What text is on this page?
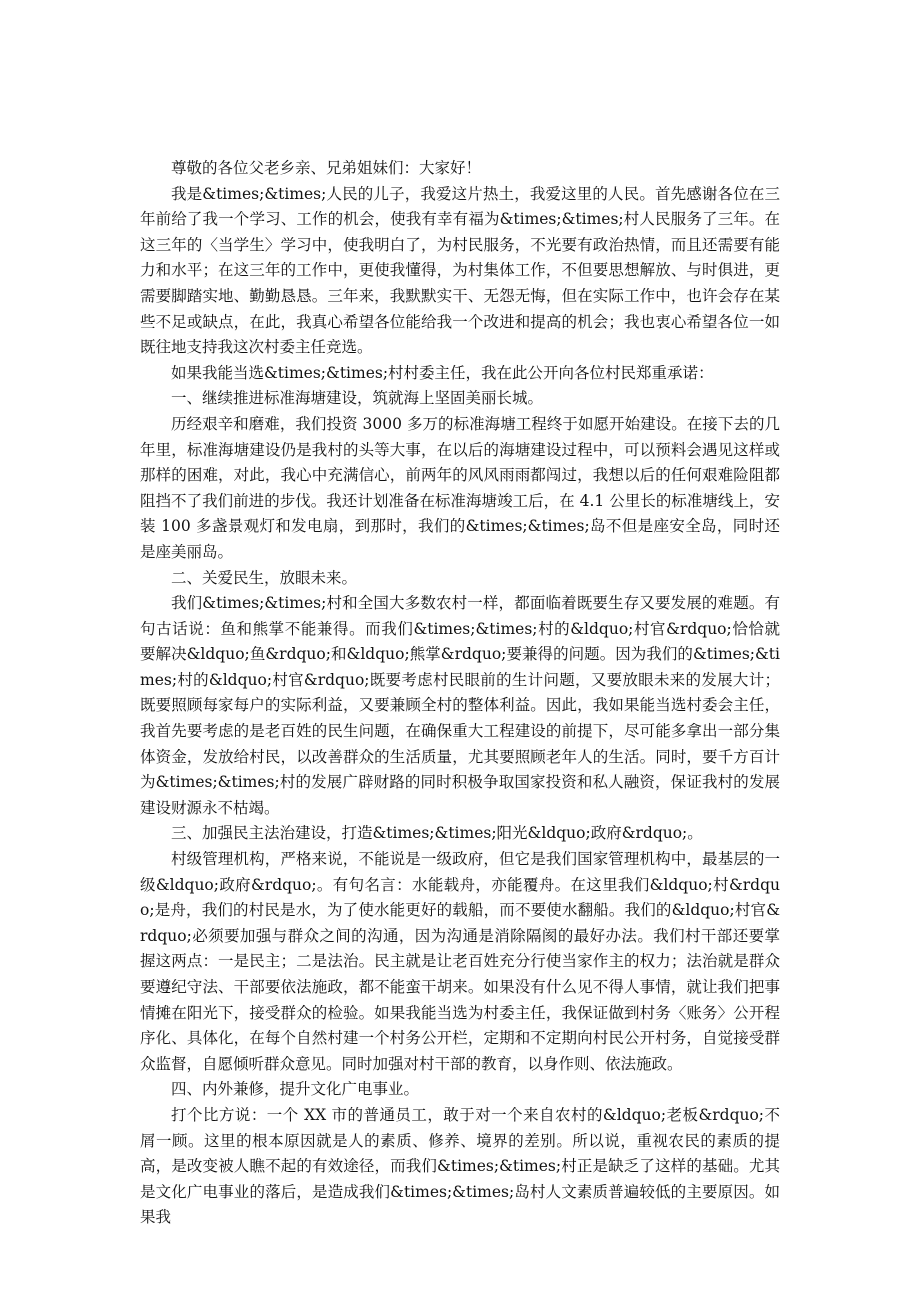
尊敬的各位父老乡亲、兄弟姐妹们：大家好！

我是&times;&times;人民的儿子，我爱这片热土，我爱这里的人民。首先感谢各位在三年前给了我一个学习、工作的机会，使我有幸有福为&times;&times;村人民服务了三年。在这三年的〈当学生〉学习中，使我明白了，为村民服务，不光要有政治热情，而且还需要有能力和水平；在这三年的工作中，更使我懂得，为村集体工作，不但要思想解放、与时俱进，更需要脚踏实地、勤勤恳恳。三年来，我默默实干、无怨无悔，但在实际工作中，也许会存在某些不足或缺点，在此，我真心希望各位能给我一个改进和提高的机会；我也衷心希望各位一如既往地支持我这次村委主任竞选。

如果我能当选&times;&times;村村委主任，我在此公开向各位村民郑重承诺：

一、继续推进标准海塘建设，筑就海上坚固美丽长城。

历经艰辛和磨难，我们投资 3000 多万的标准海塘工程终于如愿开始建设。在接下去的几年里，标准海塘建设仍是我村的头等大事，在以后的海塘建设过程中，可以预料会遇见这样或那样的困难，对此，我心中充满信心，前两年的风风雨雨都闯过，我想以后的任何艰难险阻都阻挡不了我们前进的步伐。我还计划准备在标准海塘竣工后，在 4.1 公里长的标准塘线上，安装 100 多盏景观灯和发电扇，到那时，我们的&times;&times;岛不但是座安全岛，同时还是座美丽岛。

二、关爱民生，放眼未来。

我们&times;&times;村和全国大多数农村一样，都面临着既要生存又要发展的难题。有句古话说：鱼和熊掌不能兼得。而我们&times;&times;村的&ldquo;村官&rdquo;恰恰就要解决&ldquo;鱼&rdquo;和&ldquo;熊掌&rdquo;要兼得的问题。因为我们的&times;&times;村的&ldquo;村官&rdquo;既要考虑村民眼前的生计问题，又要放眼未来的发展大计；既要照顾每家每户的实际利益，又要兼顾全村的整体利益。因此，我如果能当选村委会主任，我首先要考虑的是老百姓的民生问题，在确保重大工程建设的前提下，尽可能多拿出一部分集体资金，发放给村民，以改善群众的生活质量，尤其要照顾老年人的生活。同时，要千方百计为&times;&times;村的发展广辟财路的同时积极争取国家投资和私人融资，保证我村的发展建设财源永不枯竭。

三、加强民主法治建设，打造&times;&times;阳光&ldquo;政府&rdquo;。

村级管理机构，严格来说，不能说是一级政府，但它是我们国家管理机构中，最基层的一级&ldquo;政府&rdquo;。有句名言：水能载舟，亦能覆舟。在这里我们&ldquo;村&rdquo;是舟，我们的村民是水，为了使水能更好的载船，而不要使水翻船。我们的&ldquo;村官&rdquo;必须要加强与群众之间的沟通，因为沟通是消除隔阂的最好办法。我们村干部还要掌握这两点：一是民主；二是法治。民主就是让老百姓充分行使当家作主的权力；法治就是群众要遵纪守法、干部要依法施政，都不能蛮干胡来。如果没有什么见不得人事情，就让我们把事情摊在阳光下，接受群众的检验。如果我能当选为村委主任，我保证做到村务〈账务〉公开程序化、具体化，在每个自然村建一个村务公开栏，定期和不定期向村民公开村务，自觉接受群众监督，自愿倾听群众意见。同时加强对村干部的教育，以身作则、依法施政。

四、内外兼修，提升文化广电事业。

打个比方说：一个 XX 市的普通员工，敢于对一个来自农村的&ldquo;老板&rdquo;不屑一顾。这里的根本原因就是人的素质、修养、境界的差别。所以说，重视农民的素质的提高，是改变被人瞧不起的有效途径，而我们&times;&times;村正是缺乏了这样的基础。尤其是文化广电事业的落后，是造成我们&times;&times;岛村人文素质普遍较低的主要原因。如果我
